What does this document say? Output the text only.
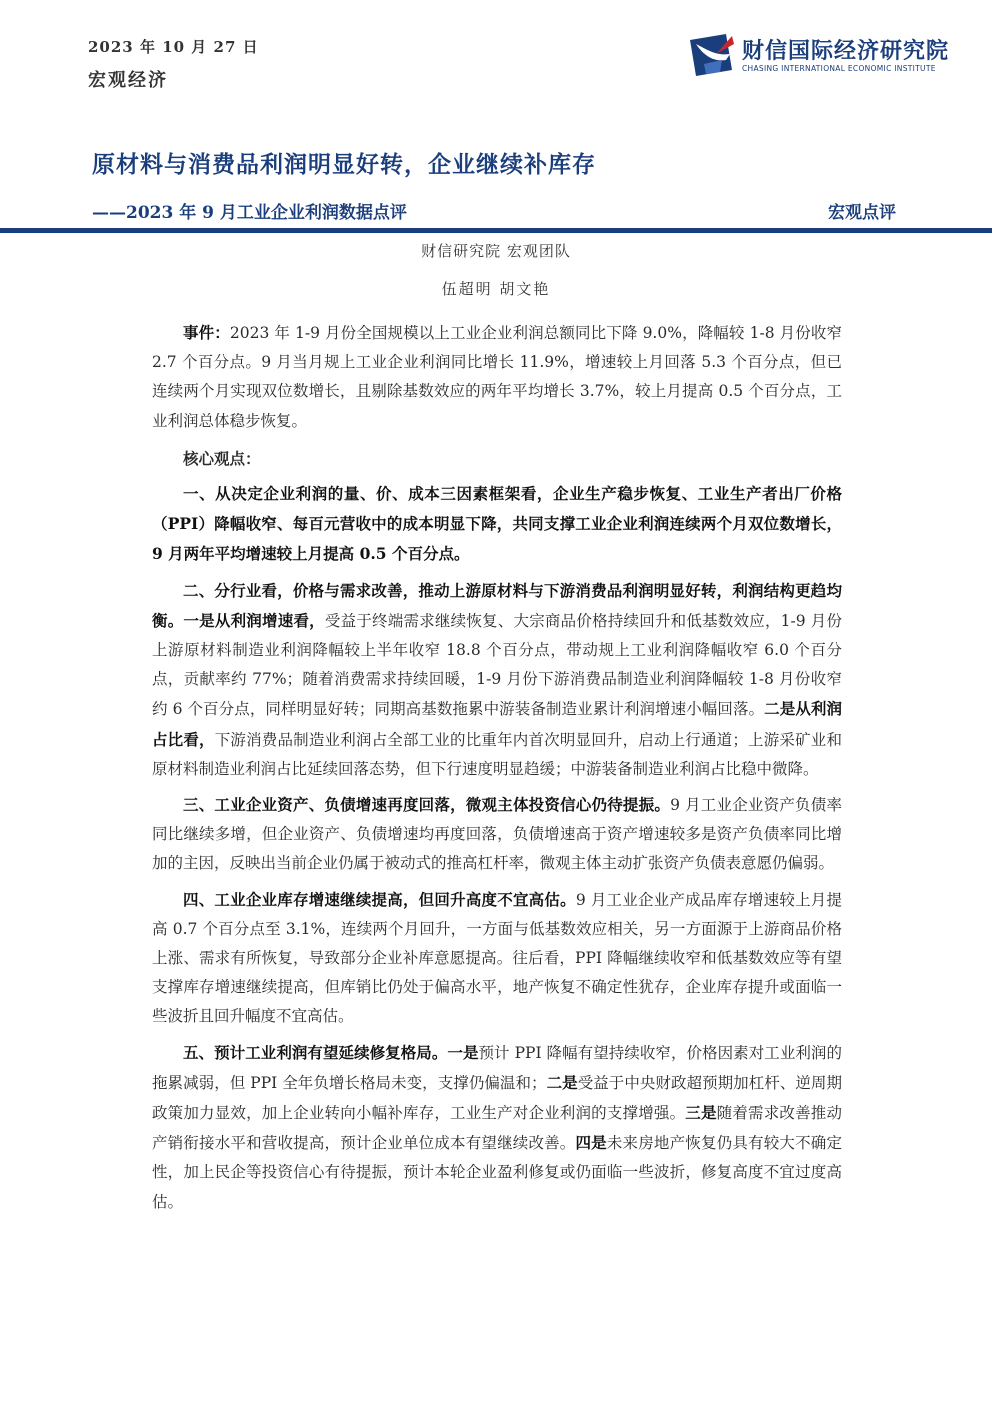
2023 年 10 月 27 日
宏观经济
财信国际经济研究院
CHASING INTERNATIONAL ECONOMIC INSTITUTE
原材料与消费品利润明显好转，企业继续补库存
——2023 年 9 月工业企业利润数据点评	宏观点评
财信研究院 宏观团队
伍超明 胡文艳

事件：2023 年 1-9 月份全国规模以上工业企业利润总额同比下降 9.0%，降幅较 1-8 月份收窄 2.7 个百分点。9 月当月规上工业企业利润同比增长 11.9%，增速较上月回落 5.3 个百分点，但已连续两个月实现双位数增长，且剔除基数效应的两年平均增长 3.7%，较上月提高 0.5 个百分点，工业利润总体稳步恢复。

核心观点：

一、从决定企业利润的量、价、成本三因素框架看，企业生产稳步恢复、工业生产者出厂价格（PPI）降幅收窄、每百元营收中的成本明显下降，共同支撑工业企业利润连续两个月双位数增长，9 月两年平均增速较上月提高 0.5 个百分点。

二、分行业看，价格与需求改善，推动上游原材料与下游消费品利润明显好转，利润结构更趋均衡。一是从利润增速看，受益于终端需求继续恢复、大宗商品价格持续回升和低基数效应，1-9 月份上游原材料制造业利润降幅较上半年收窄 18.8 个百分点，带动规上工业利润降幅收窄 6.0 个百分点，贡献率约 77%；随着消费需求持续回暖，1-9 月份下游消费品制造业利润降幅较 1-8 月份收窄约 6 个百分点，同样明显好转；同期高基数拖累中游装备制造业累计利润增速小幅回落。二是从利润占比看，下游消费品制造业利润占全部工业的比重年内首次明显回升，启动上行通道；上游采矿业和原材料制造业利润占比延续回落态势，但下行速度明显趋缓；中游装备制造业利润占比稳中微降。

三、工业企业资产、负债增速再度回落，微观主体投资信心仍待提振。9 月工业企业资产负债率同比继续多增，但企业资产、负债增速均再度回落，负债增速高于资产增速较多是资产负债率同比增加的主因，反映出当前企业仍属于被动式的推高杠杆率，微观主体主动扩张资产负债表意愿仍偏弱。

四、工业企业库存增速继续提高，但回升高度不宜高估。9 月工业企业产成品库存增速较上月提高 0.7 个百分点至 3.1%，连续两个月回升，一方面与低基数效应相关，另一方面源于上游商品价格上涨、需求有所恢复，导致部分企业补库意愿提高。往后看，PPI 降幅继续收窄和低基数效应等有望支撑库存增速继续提高，但库销比仍处于偏高水平，地产恢复不确定性犹存，企业库存提升或面临一些波折且回升幅度不宜高估。

五、预计工业利润有望延续修复格局。一是预计 PPI 降幅有望持续收窄，价格因素对工业利润的拖累减弱，但 PPI 全年负增长格局未变，支撑仍偏温和；二是受益于中央财政超预期加杠杆、逆周期政策加力显效，加上企业转向小幅补库存，工业生产对企业利润的支撑增强。三是随着需求改善推动产销衔接水平和营收提高，预计企业单位成本有望继续改善。四是未来房地产恢复仍具有较大不确定性，加上民企等投资信心有待提振，预计本轮企业盈利修复或仍面临一些波折，修复高度不宜过度高估。
